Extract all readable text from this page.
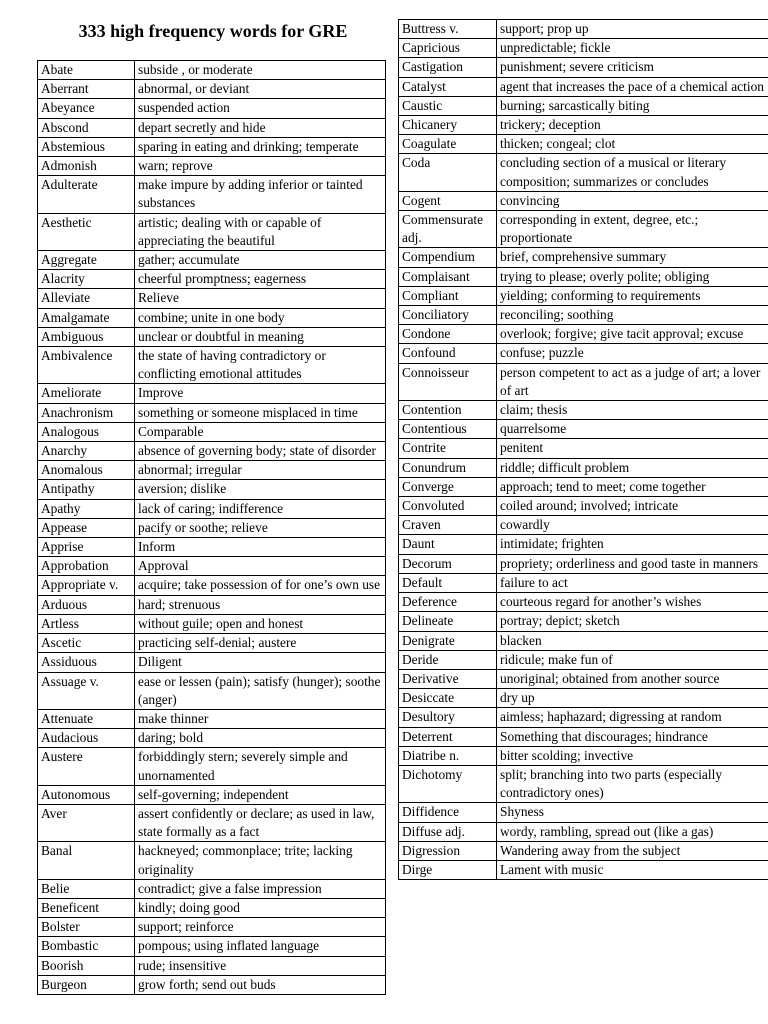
333 high frequency words for GRE
Abate	subside , or moderate
Aberrant	abnormal, or deviant
Abeyance	suspended action
Abscond	depart secretly and hide
Abstemious	sparing in eating and drinking; temperate
Admonish	warn; reprove
Adulterate	make impure by adding inferior or tainted substances
Aesthetic	artistic; dealing with or capable of appreciating the beautiful
Aggregate	gather; accumulate
Alacrity	cheerful promptness; eagerness
Alleviate	Relieve
Amalgamate	combine; unite in one body
Ambiguous	unclear or doubtful in meaning
Ambivalence	the state of having contradictory or conflicting emotional attitudes
Ameliorate	Improve
Anachronism	something or someone misplaced in time
Analogous	Comparable
Anarchy	absence of governing body; state of disorder
Anomalous	abnormal; irregular
Antipathy	aversion; dislike
Apathy	lack of caring; indifference
Appease	pacify or soothe; relieve
Apprise	Inform
Approbation	Approval
Appropriate v.	acquire; take possession of for one’s own use
Arduous	hard; strenuous
Artless	without guile; open and honest
Ascetic	practicing self-denial; austere
Assiduous	Diligent
Assuage v.	ease or lessen (pain); satisfy (hunger); soothe (anger)
Attenuate	make thinner
Audacious	daring; bold
Austere	forbiddingly stern; severely simple and unornamented
Autonomous	self-governing; independent
Aver	assert confidently or declare; as used in law, state formally as a fact
Banal	hackneyed; commonplace; trite; lacking originality
Belie	contradict; give a false impression
Beneficent	kindly; doing good
Bolster	support; reinforce
Bombastic	pompous; using inflated language
Boorish	rude; insensitive
Burgeon	grow forth; send out buds
Buttress v.	support; prop up
Capricious	unpredictable; fickle
Castigation	punishment; severe criticism
Catalyst	agent that increases the pace of a chemical action
Caustic	burning; sarcastically biting
Chicanery	trickery; deception
Coagulate	thicken; congeal; clot
Coda	concluding section of a musical or literary composition; summarizes or concludes
Cogent	convincing
Commensurate adj.	corresponding in extent, degree, etc.; proportionate
Compendium	brief, comprehensive summary
Complaisant	trying to please; overly polite; obliging
Compliant	yielding; conforming to requirements
Conciliatory	reconciling; soothing
Condone	overlook; forgive; give tacit approval; excuse
Confound	confuse; puzzle
Connoisseur	person competent to act as a judge of art; a lover of art
Contention	claim; thesis
Contentious	quarrelsome
Contrite	penitent
Conundrum	riddle; difficult problem
Converge	approach; tend to meet; come together
Convoluted	coiled around; involved; intricate
Craven	cowardly
Daunt	intimidate; frighten
Decorum	propriety; orderliness and good taste in manners
Default	failure to act
Deference	courteous regard for another’s wishes
Delineate	portray; depict; sketch
Denigrate	blacken
Deride	ridicule; make fun of
Derivative	unoriginal; obtained from another source
Desiccate	dry up
Desultory	aimless; haphazard; digressing at random
Deterrent	Something that discourages; hindrance
Diatribe n.	bitter scolding; invective
Dichotomy	split; branching into two parts (especially contradictory ones)
Diffidence	Shyness
Diffuse adj.	wordy, rambling, spread out (like a gas)
Digression	Wandering away from the subject
Dirge	Lament with music
